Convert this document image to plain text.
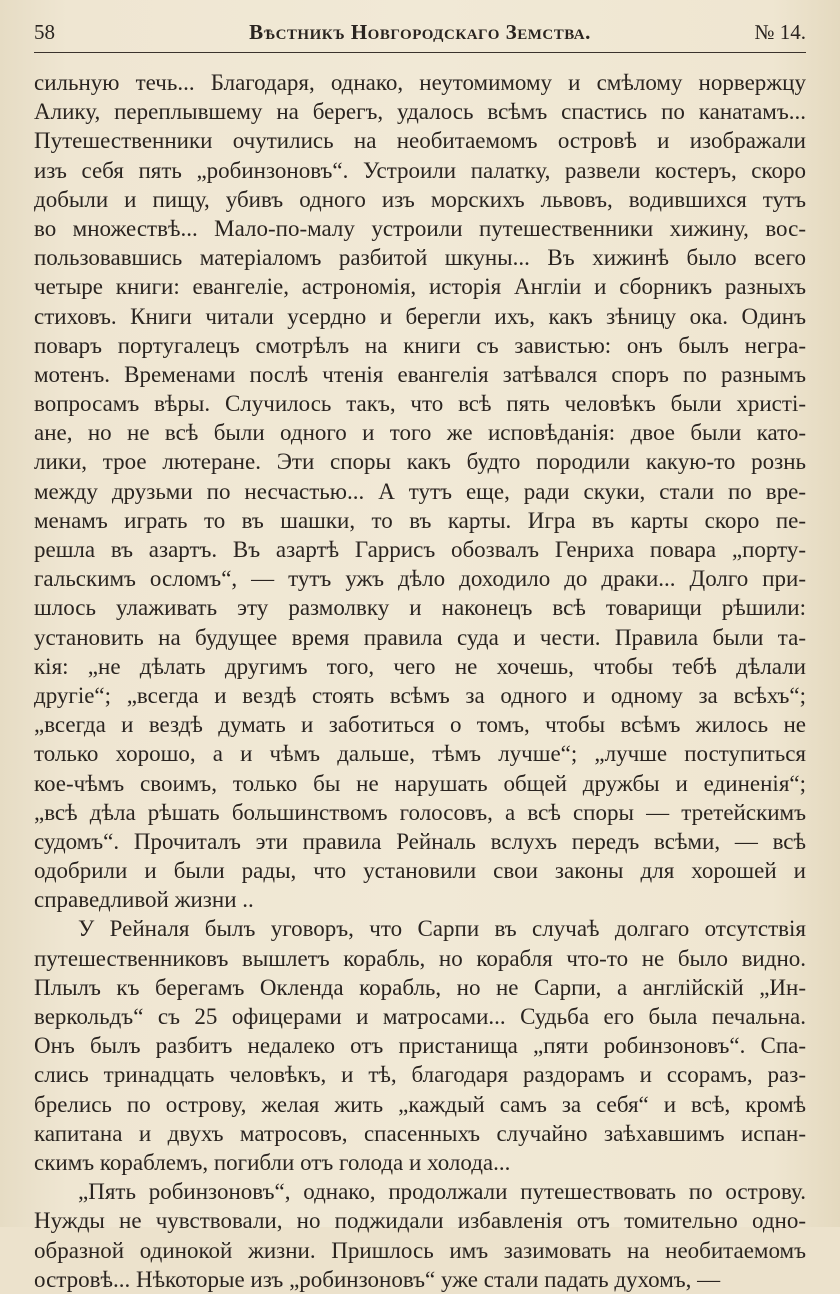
58	Вѣстникъ Новгородскаго Земства.	№ 14.
сильную течь... Благодаря, однако, неутомимому и смѣлому норвержцу
Алику, переплывшему на берегъ, удалось всѣмъ спастись по канатамъ...
Путешественники очутились на необитаемомъ островѣ и изображали
изъ себя пять „робинзоновъ“. Устроили палатку, развели костеръ, скоро
добыли и пищу, убивъ одного изъ морскихъ львовъ, водившихся тутъ
во множествѣ... Мало-по-малу устроили путешественники хижину, вос-
пользовавшись матеріаломъ разбитой шкуны... Въ хижинѣ было всего
четыре книги: евангеліе, астрономія, исторія Англіи и сборникъ разныхъ
стиховъ. Книги читали усердно и берегли ихъ, какъ зѣницу ока. Одинъ
поваръ португалецъ смотрѣлъ на книги съ завистью: онъ былъ негра-
мотенъ. Временами послѣ чтенія евангелія затѣвался споръ по разнымъ
вопросамъ вѣры. Случилось такъ, что всѣ пять человѣкъ были христі-
ане, но не всѣ были одного и того же исповѣданія: двое были като-
лики, трое лютеране. Эти споры какъ будто породили какую-то рознь
между друзьми по несчастью... А тутъ еще, ради скуки, стали по вре-
менамъ играть то въ шашки, то въ карты. Игра въ карты скоро пе-
решла въ азартъ. Въ азартѣ Гаррисъ обозвалъ Генриха повара „порту-
гальскимъ осломъ“, — тутъ ужъ дѣло доходило до драки... Долго при-
шлось улаживать эту размолвку и наконецъ всѣ товарищи рѣшили:
установить на будущее время правила суда и чести. Правила были та-
кія: „не дѣлать другимъ того, чего не хочешь, чтобы тебѣ дѣлали
другіе“; „всегда и вездѣ стоять всѣмъ за одного и одному за всѣхъ“;
„всегда и вездѣ думать и заботиться о томъ, чтобы всѣмъ жилось не
только хорошо, а и чѣмъ дальше, тѣмъ лучше“; „лучше поступиться
кое-чѣмъ своимъ, только бы не нарушать общей дружбы и единенія“;
„всѣ дѣла рѣшать большинствомъ голосовъ, а всѣ споры — третейскимъ
судомъ“. Прочиталъ эти правила Рейналь вслухъ передъ всѣми, — всѣ
одобрили и были рады, что установили свои законы для хорошей и
справедливой жизни ..
У Рейналя былъ уговоръ, что Сарпи въ случаѣ долгаго отсутствія
путешественниковъ вышлетъ корабль, но корабля что-то не было видно.
Плылъ къ берегамъ Окленда корабль, но не Сарпи, а англійскій „Ин-
веркольдъ“ съ 25 офицерами и матросами... Судьба его была печальна.
Онъ былъ разбитъ недалеко отъ пристанища „пяти робинзоновъ“. Спа-
слись тринадцать человѣкъ, и тѣ, благодаря раздорамъ и ссорамъ, раз-
брелись по острову, желая жить „каждый самъ за себя“ и всѣ, кромѣ
капитана и двухъ матросовъ, спасенныхъ случайно заѣхавшимъ испан-
скимъ кораблемъ, погибли отъ голода и холода...
„Пять робинзоновъ“, однако, продолжали путешествовать по острову.
Нужды не чувствовали, но поджидали избавленія отъ томительно одно-
образной одинокой жизни. Пришлось имъ зазимовать на необитаемомъ
островѣ... Нѣкоторые изъ „робинзоновъ“ уже стали падать духомъ, —
